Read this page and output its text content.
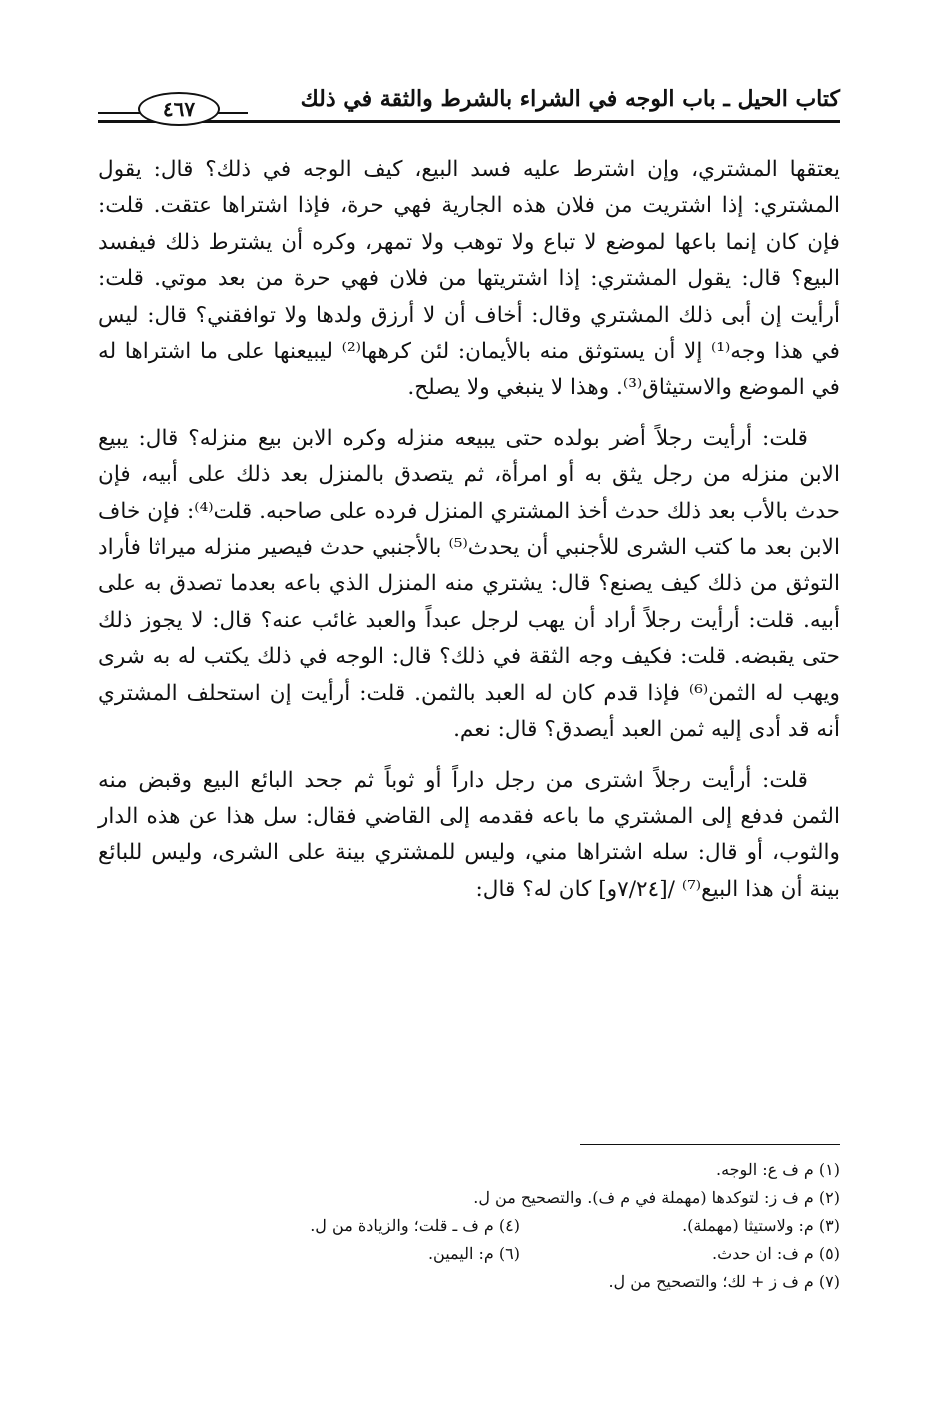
كتاب الحيل ـ باب الوجه في الشراء بالشرط والثقة في ذلك
٤٦٧

يعتقها المشتري، وإن اشترط عليه فسد البيع، كيف الوجه في ذلك؟ قال: يقول المشتري: إذا اشتريت من فلان هذه الجارية فهي حرة، فإذا اشتراها عتقت. قلت: فإن كان إنما باعها لموضع لا تباع ولا توهب ولا تمهر، وكره أن يشترط ذلك فيفسد البيع؟ قال: يقول المشتري: إذا اشتريتها من فلان فهي حرة من بعد موتي. قلت: أرأيت إن أبى ذلك المشتري وقال: أخاف أن لا أرزق ولدها ولا توافقني؟ قال: ليس في هذا وجه⁽¹⁾ إلا أن يستوثق منه بالأيمان: لئن كرهها⁽²⁾ ليبيعنها على ما اشتراها له في الموضع والاستيثاق⁽³⁾. وهذا لا ينبغي ولا يصلح.

قلت: أرأيت رجلاً أضر بولده حتى يبيعه منزله وكره الابن بيع منزله؟ قال: يبيع الابن منزله من رجل يثق به أو امرأة، ثم يتصدق بالمنزل بعد ذلك على أبيه، فإن حدث بالأب بعد ذلك حدث أخذ المشتري المنزل فرده على صاحبه. قلت⁽⁴⁾: فإن خاف الابن بعد ما كتب الشرى للأجنبي أن يحدث⁽⁵⁾ بالأجنبي حدث فيصير منزله ميراثا فأراد التوثق من ذلك كيف يصنع؟ قال: يشتري منه المنزل الذي باعه بعدما تصدق به على أبيه. قلت: أرأيت رجلاً أراد أن يهب لرجل عبداً والعبد غائب عنه؟ قال: لا يجوز ذلك حتى يقبضه. قلت: فكيف وجه الثقة في ذلك؟ قال: الوجه في ذلك يكتب له به شرى ويهب له الثمن⁽⁶⁾ فإذا قدم كان له العبد بالثمن. قلت: أرأيت إن استحلف المشتري أنه قد أدى إليه ثمن العبد أيصدق؟ قال: نعم.

قلت: أرأيت رجلاً اشترى من رجل داراً أو ثوباً ثم جحد البائع البيع وقبض منه الثمن فدفع إلى المشتري ما باعه فقدمه إلى القاضي فقال: سل هذا عن هذه الدار والثوب، أو قال: سله اشتراها مني، وليس للمشتري بينة على الشرى، وليس للبائع بينة أن هذا البيع⁽⁷⁾ /[٧/٢٤و] كان له؟ قال:

(١) م ف ع: الوجه.
(٢) م ف ز: لتوكدها (مهملة في م ف). والتصحيح من ل.
(٣) م: ولاستيثا (مهملة).
(٤) م ف ـ قلت؛ والزيادة من ل.
(٥) م ف: ان حدث.
(٦) م: اليمين.
(٧) م ف ز + لك؛ والتصحيح من ل.
